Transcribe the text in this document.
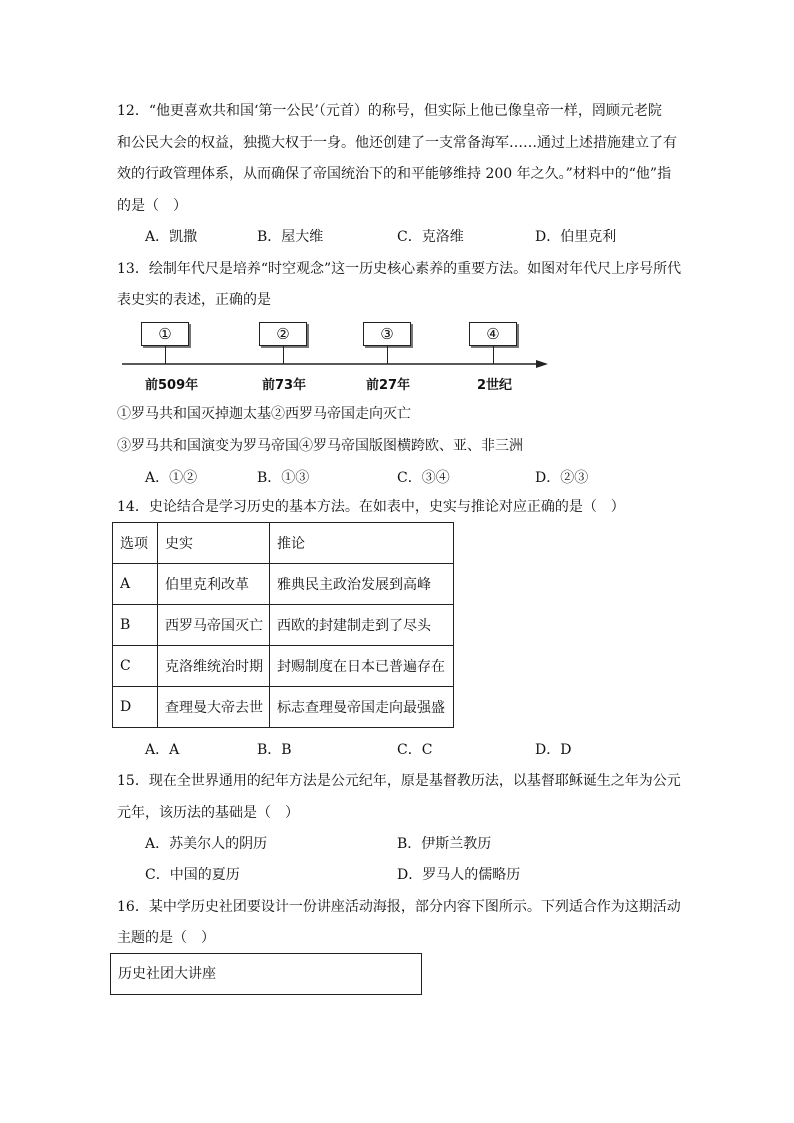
12．“他更喜欢共和国‘第一公民’（元首）的称号，但实际上他已像皇帝一样，罔顾元老院
和公民大会的权益，独揽大权于一身。他还创建了一支常备海军……通过上述措施建立了有
效的行政管理体系，从而确保了帝国统治下的和平能够维持 200 年之久。”材料中的“他”指
的是（　）
A．凯撒	B．屋大维	C．克洛维	D．伯里克利
13．绘制年代尺是培养“时空观念”这一历史核心素养的重要方法。如图对年代尺上序号所代
表史实的表述，正确的是
①	②	③	④
前509年	前73年	前27年	2世纪
①罗马共和国灭掉迦太基②西罗马帝国走向灭亡
③罗马共和国演变为罗马帝国④罗马帝国版图横跨欧、亚、非三洲
A．①②	B．①③	C．③④	D．②③
14．史论结合是学习历史的基本方法。在如表中，史实与推论对应正确的是（　）
选项	史实	推论
A	伯里克利改革	雅典民主政治发展到高峰
B	西罗马帝国灭亡	西欧的封建制走到了尽头
C	克洛维统治时期	封赐制度在日本已普遍存在
D	查理曼大帝去世	标志查理曼帝国走向最强盛
A．A	B．B	C．C	D．D
15．现在全世界通用的纪年方法是公元纪年，原是基督教历法，以基督耶稣诞生之年为公元
元年，该历法的基础是（　）
A．苏美尔人的阴历	B．伊斯兰教历
C．中国的夏历	D．罗马人的儒略历
16．某中学历史社团要设计一份讲座活动海报，部分内容下图所示。下列适合作为这期活动
主题的是（　）
历史社团大讲座
